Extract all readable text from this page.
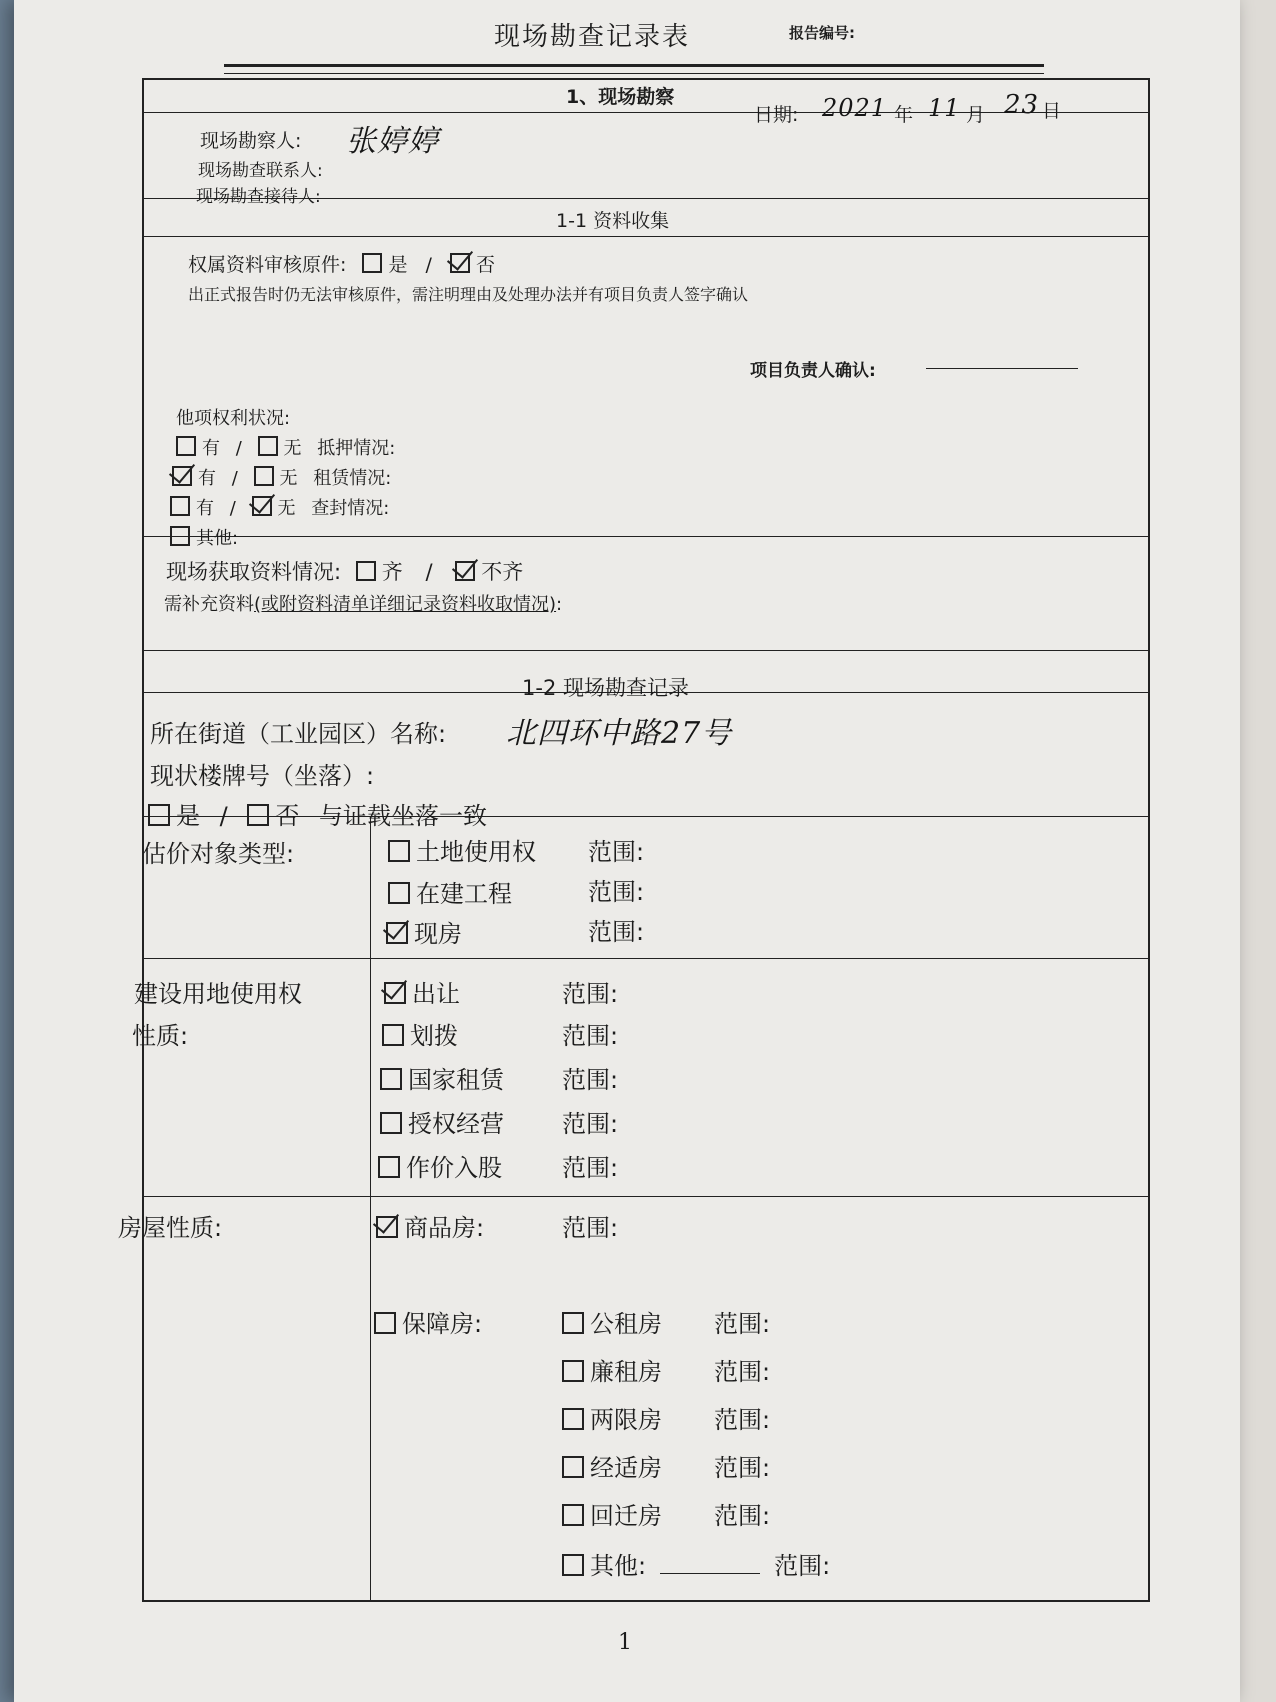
现场勘查记录表	报告编号:
1、现场勘察
日期: 2021 年 11 月 23 日
现场勘察人: 张婷婷
现场勘查联系人:
现场勘查接待人:
1-1 资料收集
权属资料审核原件: 是 / 否
出正式报告时仍无法审核原件，需注明理由及处理办法并有项目负责人签字确认
项目负责人确认:
他项权利状况:
有 / 无 抵押情况:
有 / 无 租赁情况:
有 / 无 查封情况:
其他:
现场获取资料情况: 齐 / 不齐
需补充资料(或附资料清单详细记录资料收取情况):
1-2 现场勘查记录
所在街道（工业园区）名称: 北四环中路27号
现状楼牌号（坐落）:
是 / 否 与证载坐落一致
估价对象类型:	土地使用权 范围:
在建工程	范围:
现房	范围:
建设用地使用权
性质:
出让	范围:
划拨	范围:
国家租赁 范围:
授权经营 范围:
作价入股	范围:
房屋性质:	商品房:	范围:
保障房:	公租房 范围:
廉租房 范围:
两限房 范围:
经适房 范围:
回迁房 范围:
其他:	范围:
1
